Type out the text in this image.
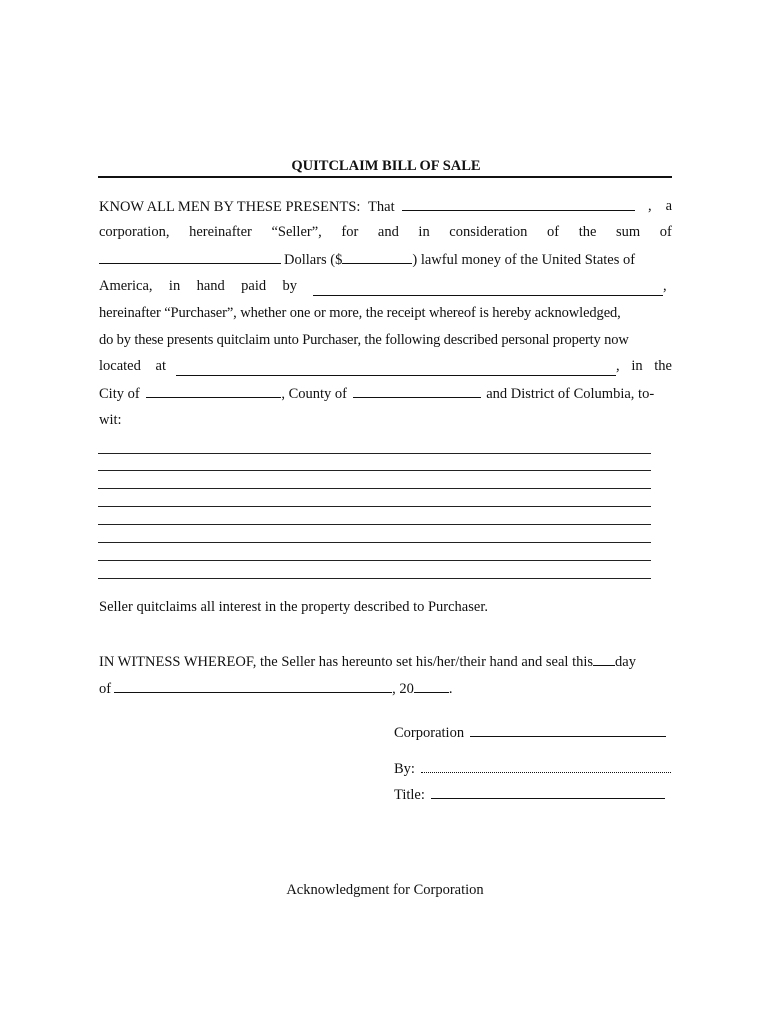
QUITCLAIM BILL OF SALE
KNOW ALL MEN BY THESE PRESENTS: That	, a
corporation, hereinafter “Seller”, for and in consideration of the sum of
Dollars ($	) lawful money of the United States of
America, in hand paid by	,
hereinafter “Purchaser”, whether one or more, the receipt whereof is hereby acknowledged,
do by these presents quitclaim unto Purchaser, the following described personal property now
located at	, in the
City of	, County of	and District of Columbia, to-
wit:
Seller quitclaims all interest in the property described to Purchaser.
IN WITNESS WHEREOF, the Seller has hereunto set his/her/their hand and seal this day
of	, 20 .
Corporation
By:
Title:
Acknowledgment for Corporation
